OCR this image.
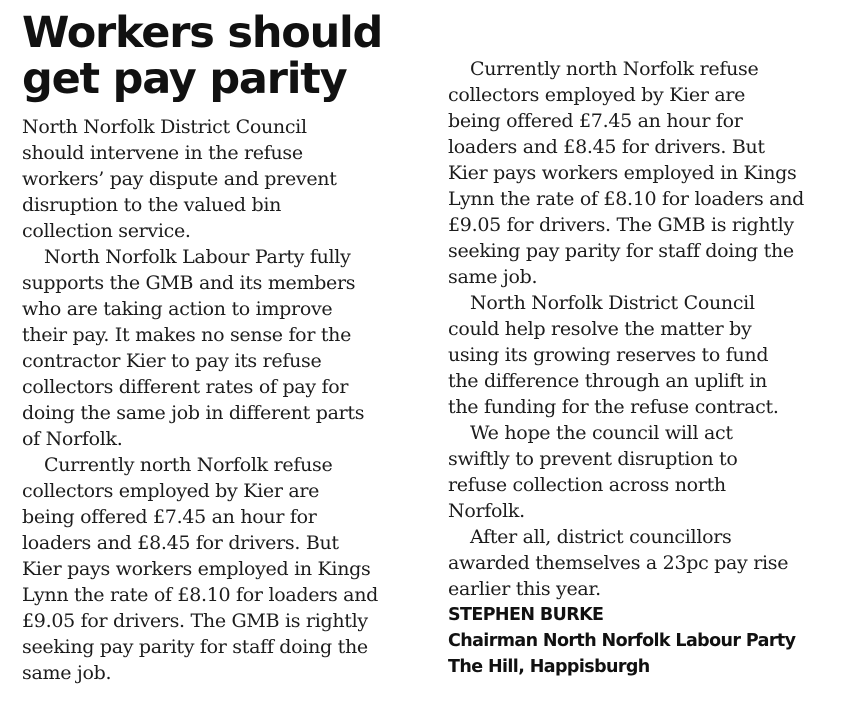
Workers should
get pay parity

North Norfolk District Council
should intervene in the refuse
workers’ pay dispute and prevent
disruption to the valued bin
collection service.

North Norfolk Labour Party fully
supports the GMB and its members
who are taking action to improve
their pay. It makes no sense for the
contractor Kier to pay its refuse
collectors different rates of pay for
doing the same job in different parts
of Norfolk.

Currently north Norfolk refuse
collectors employed by Kier are
being offered £7.45 an hour for
loaders and £8.45 for drivers. But
Kier pays workers employed in Kings
Lynn the rate of £8.10 for loaders and
£9.05 for drivers. The GMB is rightly
seeking pay parity for staff doing the
same job.

Currently north Norfolk refuse
collectors employed by Kier are
being offered £7.45 an hour for
loaders and £8.45 for drivers. But
Kier pays workers employed in Kings
Lynn the rate of £8.10 for loaders and
£9.05 for drivers. The GMB is rightly
seeking pay parity for staff doing the
same job.

North Norfolk District Council
could help resolve the matter by
using its growing reserves to fund
the difference through an uplift in
the funding for the refuse contract.

We hope the council will act
swiftly to prevent disruption to
refuse collection across north
Norfolk.

After all, district councillors
awarded themselves a 23pc pay rise
earlier this year.

STEPHEN BURKE
Chairman North Norfolk Labour Party
The Hill, Happisburgh
